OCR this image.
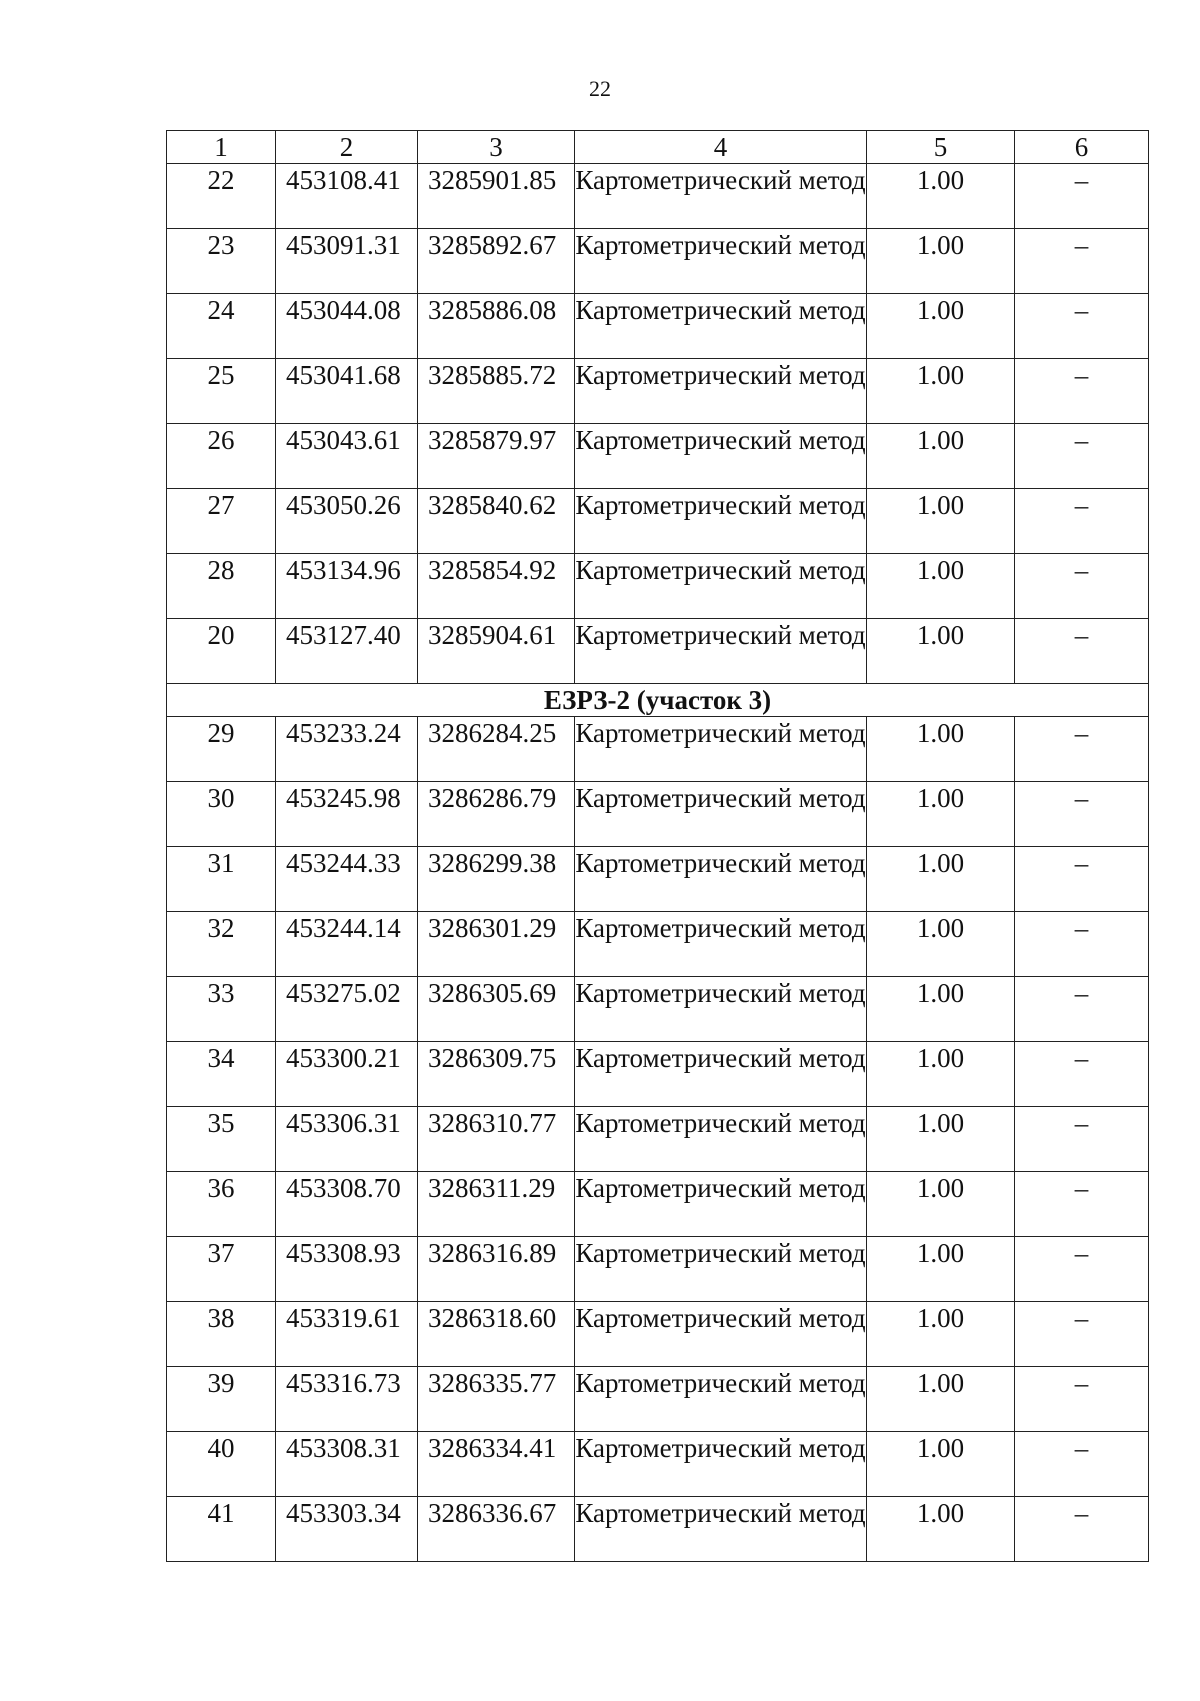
22
1	2	3	4	5	6
22	453108.41	3285901.85	Картометрический метод	1.00	–
23	453091.31	3285892.67	Картометрический метод	1.00	–
24	453044.08	3285886.08	Картометрический метод	1.00	–
25	453041.68	3285885.72	Картометрический метод	1.00	–
26	453043.61	3285879.97	Картометрический метод	1.00	–
27	453050.26	3285840.62	Картометрический метод	1.00	–
28	453134.96	3285854.92	Картометрический метод	1.00	–
20	453127.40	3285904.61	Картометрический метод	1.00	–
ЕЗРЗ-2 (участок 3)					
29	453233.24	3286284.25	Картометрический метод	1.00	–
30	453245.98	3286286.79	Картометрический метод	1.00	–
31	453244.33	3286299.38	Картометрический метод	1.00	–
32	453244.14	3286301.29	Картометрический метод	1.00	–
33	453275.02	3286305.69	Картометрический метод	1.00	–
34	453300.21	3286309.75	Картометрический метод	1.00	–
35	453306.31	3286310.77	Картометрический метод	1.00	–
36	453308.70	3286311.29	Картометрический метод	1.00	–
37	453308.93	3286316.89	Картометрический метод	1.00	–
38	453319.61	3286318.60	Картометрический метод	1.00	–
39	453316.73	3286335.77	Картометрический метод	1.00	–
40	453308.31	3286334.41	Картометрический метод	1.00	–
41	453303.34	3286336.67	Картометрический метод	1.00	–
